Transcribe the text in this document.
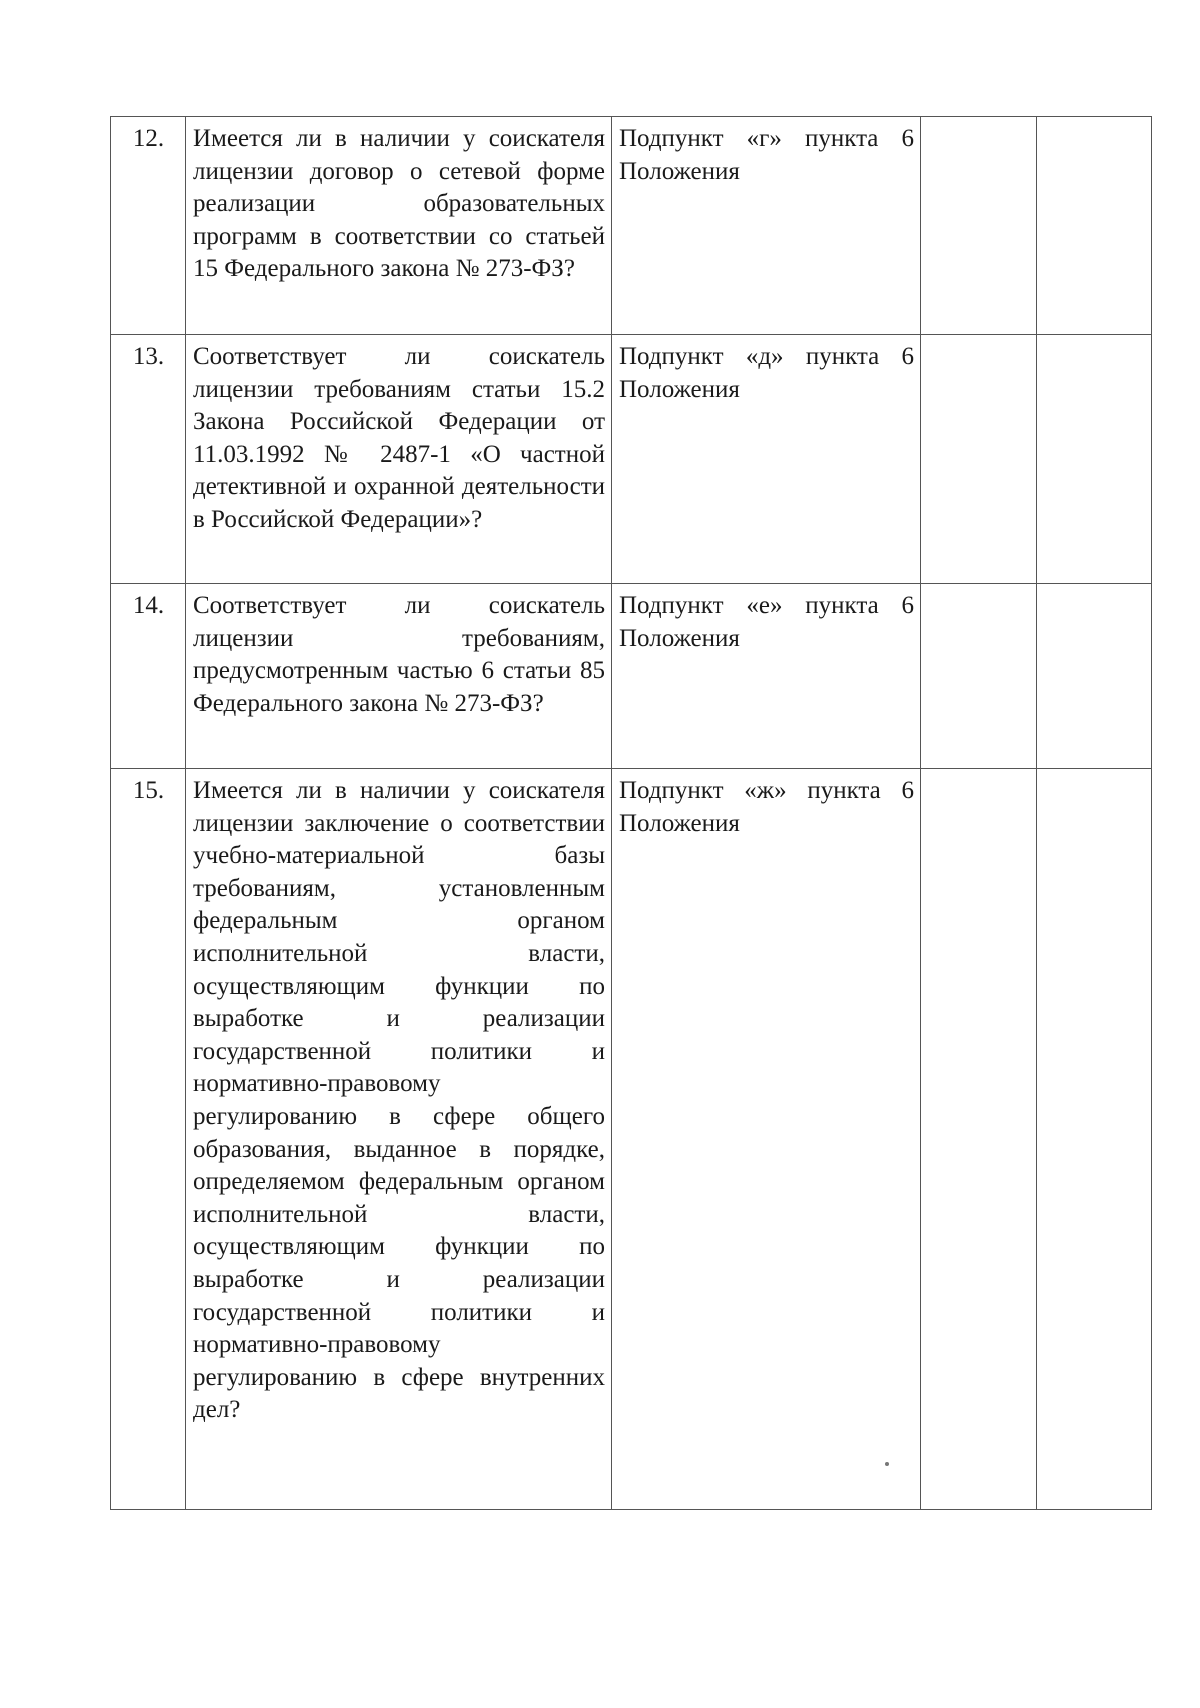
12.	Имеется ли в наличии у соискателя лицензии договор о сетевой форме реализации образовательных программ в соответствии со статьей 15 Федерального закона № 273-ФЗ?	Подпункт «г» пункта 6 Положения		
13.	Соответствует ли соискатель лицензии требованиям статьи 15.2 Закона Российской Федерации от 11.03.1992 № 2487-1 «О частной детективной и охранной деятельности в Российской Федерации»?	Подпункт «д» пункта 6 Положения		
14.	Соответствует ли соискатель лицензии требованиям, предусмотренным частью 6 статьи 85 Федерального закона № 273-ФЗ?	Подпункт «е» пункта 6 Положения		
15.	Имеется ли в наличии у соискателя лицензии заключение о соответствии учебно-материальной базы требованиям, установленным федеральным органом исполнительной власти, осуществляющим функции по выработке и реализации государственной политики и нормативно-правовому регулированию в сфере общего образования, выданное в порядке, определяемом федеральным органом исполнительной власти, осуществляющим функции по выработке и реализации государственной политики и нормативно-правовому регулированию в сфере внутренних дел?	Подпункт «ж» пункта 6 Положения		
